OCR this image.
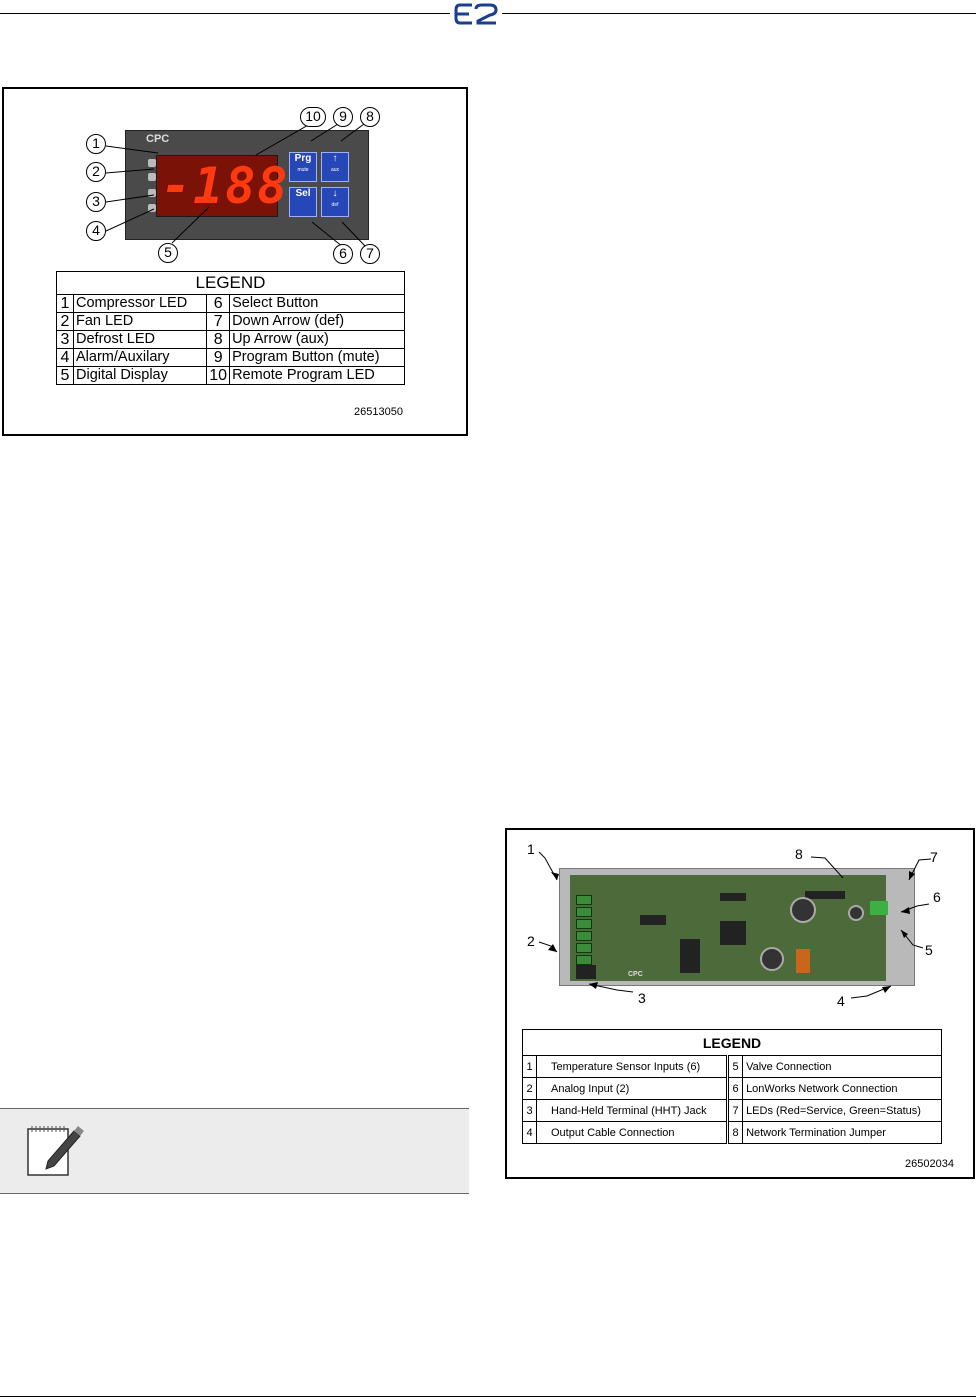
CPC
-188 Prg
mute
↑
aux
Sel	↓
def
1
2
3
4
5	6	7
8
9
10
LEGEND			
1	Compressor LED	6	Select Button
2	Fan LED	7	Down Arrow (def)
3	Defrost LED	8	Up Arrow (aux)
4	Alarm/Auxilary	9	Program Button (mute)
5	Digital Display	10	Remote Program LED
26513050
CPC
1
2
3	4
5
6
7
8
LEGEND			
1	Temperature Sensor Inputs (6)	5	Valve Connection
2	Analog Input (2)	6	LonWorks Network Connection
3	Hand-Held Terminal (HHT) Jack	7	LEDs (Red=Service, Green=Status)
4	Output Cable Connection	8	Network Termination Jumper
26502034
